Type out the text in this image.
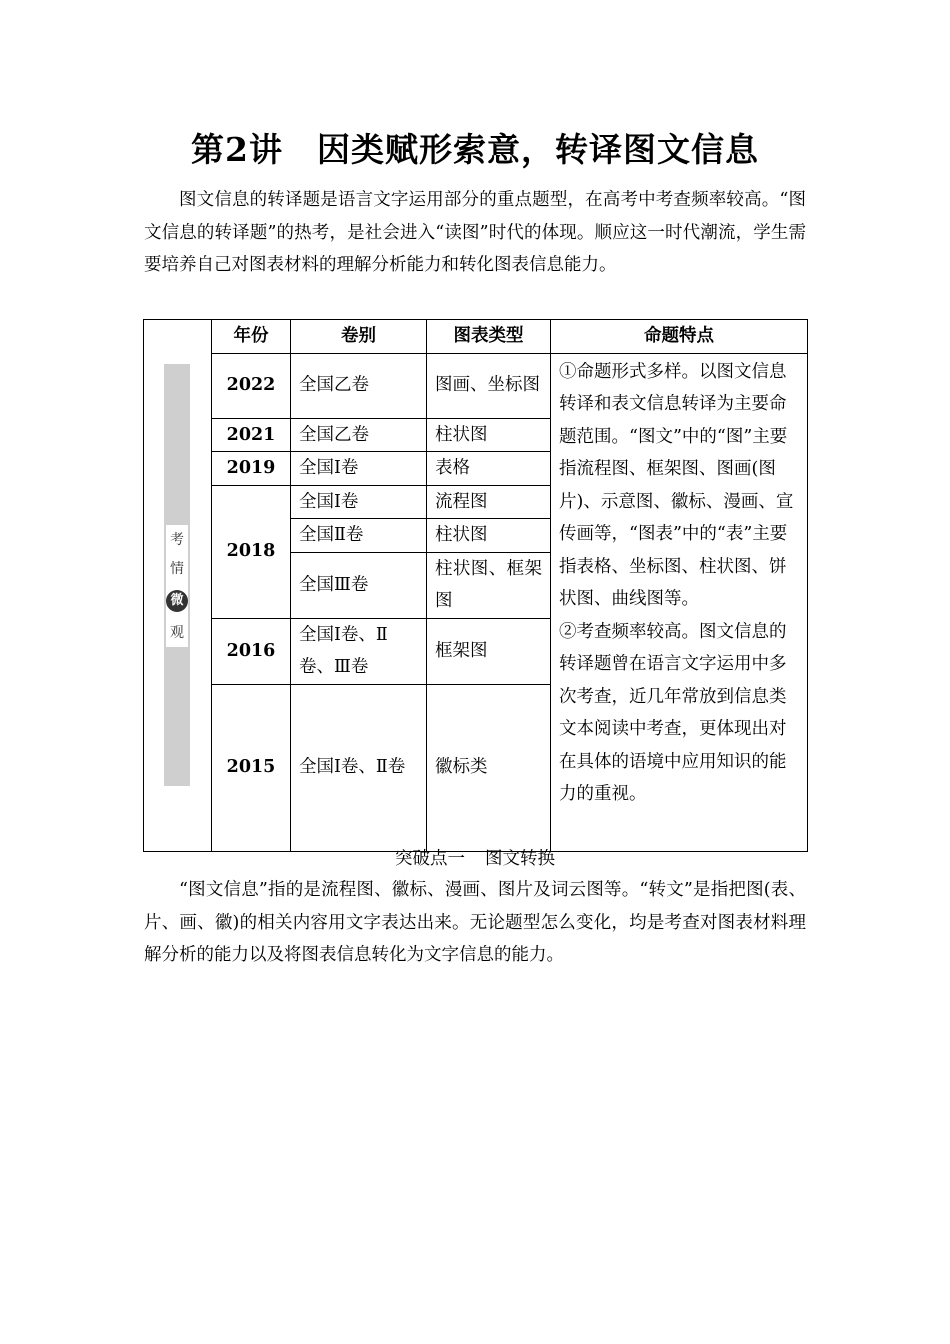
第2讲 因类赋形索意，转译图文信息

图文信息的转译题是语言文字运用部分的重点题型，在高考中考查频率较高。“图文信息的转译题”的热考，是社会进入“读图”时代的体现。顺应这一时代潮流，学生需要培养自己对图表材料的理解分析能力和转化图表信息能力。

考
情
微
观	年份	卷别	图表类型	命题特点
	2022	全国乙卷	图画、坐标图	①命题形式多样。以图文信息转译和表文信息转译为主要命题范围。“图文”中的“图”主要指流程图、框架图、图画(图片)、示意图、徽标、漫画、宣传画等，“图表”中的“表”主要指表格、坐标图、柱状图、饼状图、曲线图等。
②考查频率较高。图文信息的转译题曾在语言文字运用中多次考查，近几年常放到信息类文本阅读中考查，更体现出对在具体的语境中应用知识的能力的重视。

	2021	全国乙卷	柱状图	
	2019	全国Ⅰ卷	表格	
	2018	全国Ⅰ卷	流程图	
		全国Ⅱ卷	柱状图	
		全国Ⅲ卷	柱状图、框架图	
	2016	全国Ⅰ卷、Ⅱ卷、Ⅲ卷	框架图	
	2015	全国Ⅰ卷、Ⅱ卷	徽标类	

突破点一 图文转换

“图文信息”指的是流程图、徽标、漫画、图片及词云图等。“转文”是指把图(表、片、画、徽)的相关内容用文字表达出来。无论题型怎么变化，均是考查对图表材料理解分析的能力以及将图表信息转化为文字信息的能力。
